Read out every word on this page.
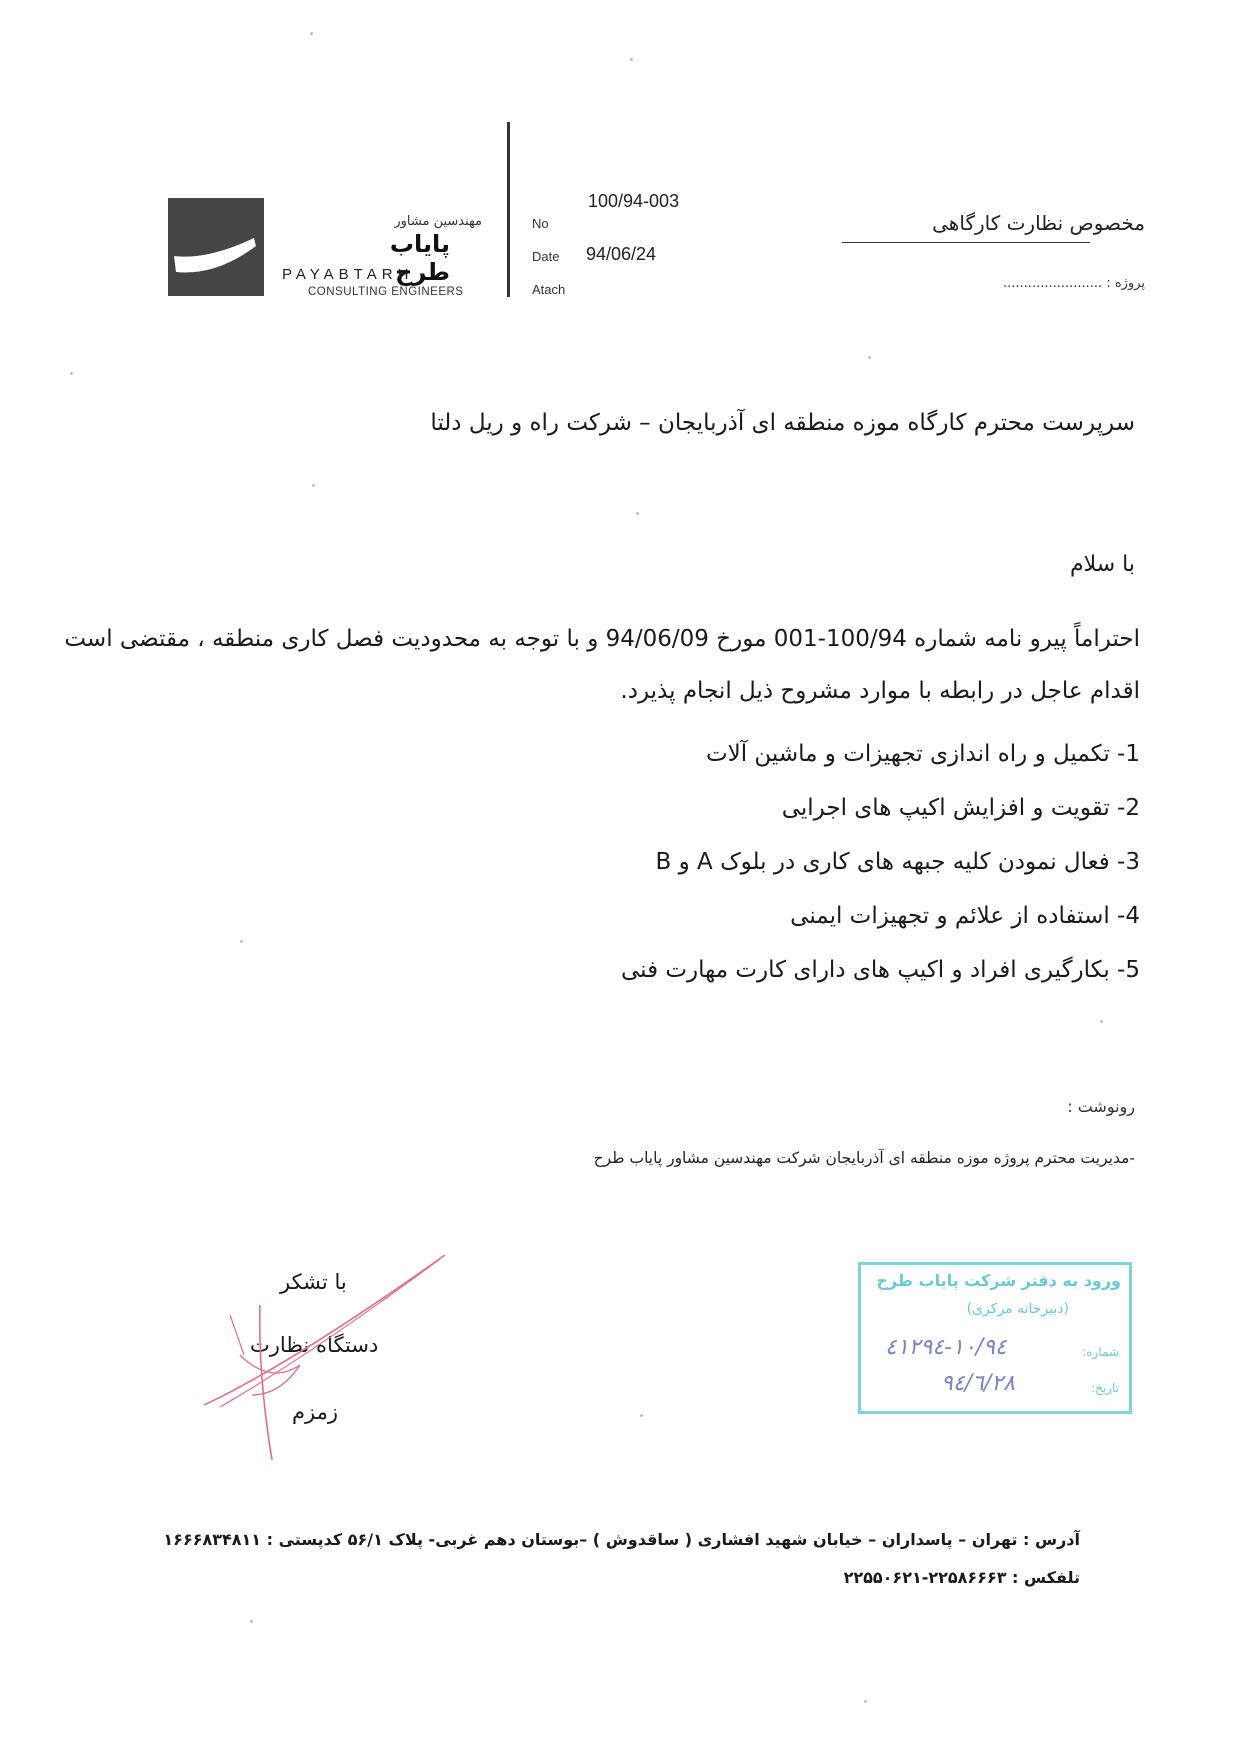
مهندسین مشاور
پایاب طرح
PAYABTARH
CONSULTING ENGINEERS
No
100/94-003
Date 94/06/24
Atach
مخصوص نظارت کارگاهی
پروژه : ........................
سرپرست محترم کارگاه موزه منطقه ای آذربایجان – شرکت راه و ریل دلتا
با سلام
احتراماً پیرو نامه شماره 100/94-001 مورخ 94/06/09 و با توجه به محدودیت فصل کاری منطقه ، مقتضی است اقدام عاجل در رابطه با موارد مشروح ذیل انجام پذیرد.
1- تکمیل و راه اندازی تجهیزات و ماشین آلات
2- تقویت و افزایش اکیپ های اجرایی
3- فعال نمودن کلیه جبهه های کاری در بلوک A و B
4- استفاده از علائم و تجهیزات ایمنی
5- بکارگیری افراد و اکیپ های دارای کارت مهارت فنی
رونوشت :
-مدیریت محترم پروژه موزه منطقه ای آذربایجان شرکت مهندسین مشاور پایاب طرح
ورود به دفتر شرکت پایاب طرح
(دبیرخانه مرکزی)
شماره:
١٠/٩٤-٤١٢٩٤
تاریخ:
٩٤/٦/٢٨
با تشکر
دستگاه نظارت
زمزم
آدرس : تهران – پاسداران – خیابان شهید افشاری ( ساقدوش ) –بوستان دهم غربی- پلاک ۵۶/۱ کدپستی : ۱۶۶۶۸۳۴۸۱۱
تلفکس : ۲۲۵۸۶۶۶۳-۲۲۵۵۰۶۲۱
